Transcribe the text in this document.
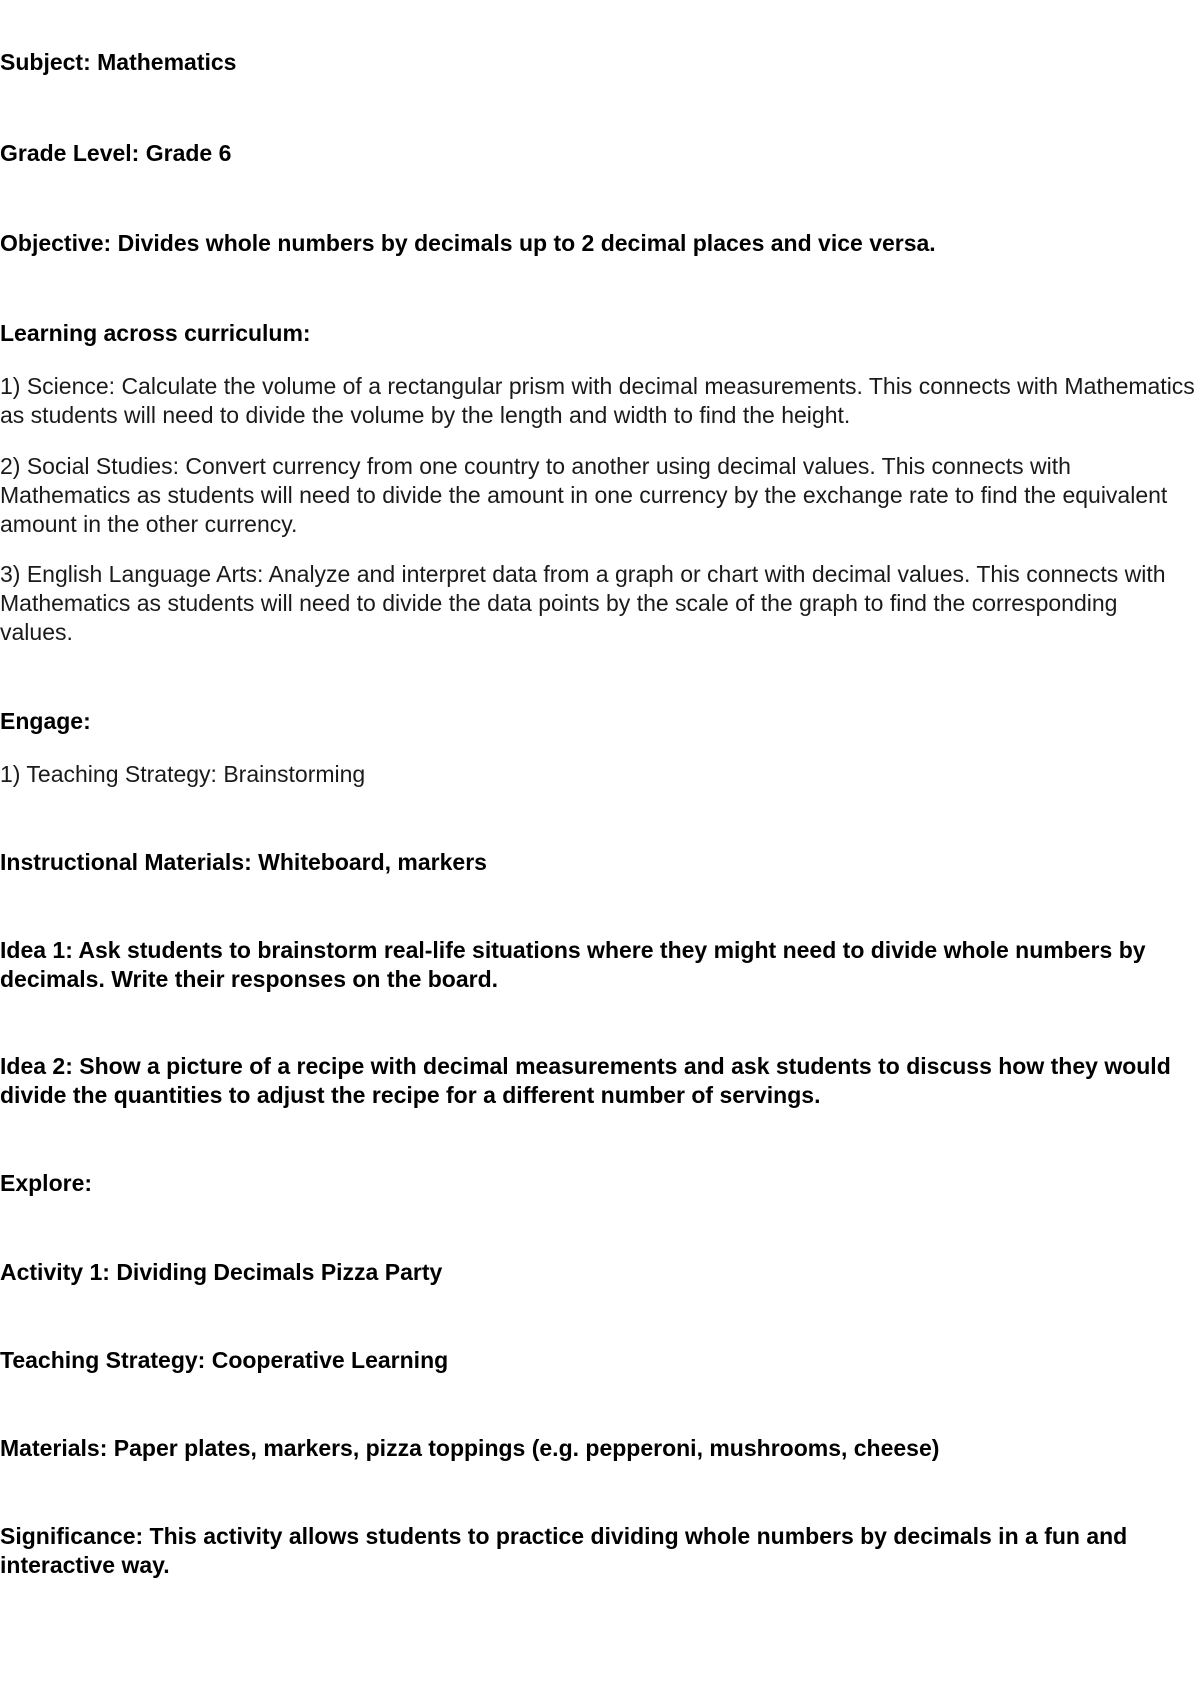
Subject: Mathematics

Grade Level: Grade 6

Objective: Divides whole numbers by decimals up to 2 decimal places and vice versa.

Learning across curriculum:

1) Science: Calculate the volume of a rectangular prism with decimal measurements. This connects with Mathematics as students will need to divide the volume by the length and width to find the height.

2) Social Studies: Convert currency from one country to another using decimal values. This connects with Mathematics as students will need to divide the amount in one currency by the exchange rate to find the equivalent amount in the other currency.

3) English Language Arts: Analyze and interpret data from a graph or chart with decimal values. This connects with Mathematics as students will need to divide the data points by the scale of the graph to find the corresponding values.

Engage:

1) Teaching Strategy: Brainstorming

Instructional Materials: Whiteboard, markers

Idea 1: Ask students to brainstorm real-life situations where they might need to divide whole numbers by decimals. Write their responses on the board.

Idea 2: Show a picture of a recipe with decimal measurements and ask students to discuss how they would divide the quantities to adjust the recipe for a different number of servings.

Explore:

Activity 1: Dividing Decimals Pizza Party

Teaching Strategy: Cooperative Learning

Materials: Paper plates, markers, pizza toppings (e.g. pepperoni, mushrooms, cheese)

Significance: This activity allows students to practice dividing whole numbers by decimals in a fun and interactive way.
